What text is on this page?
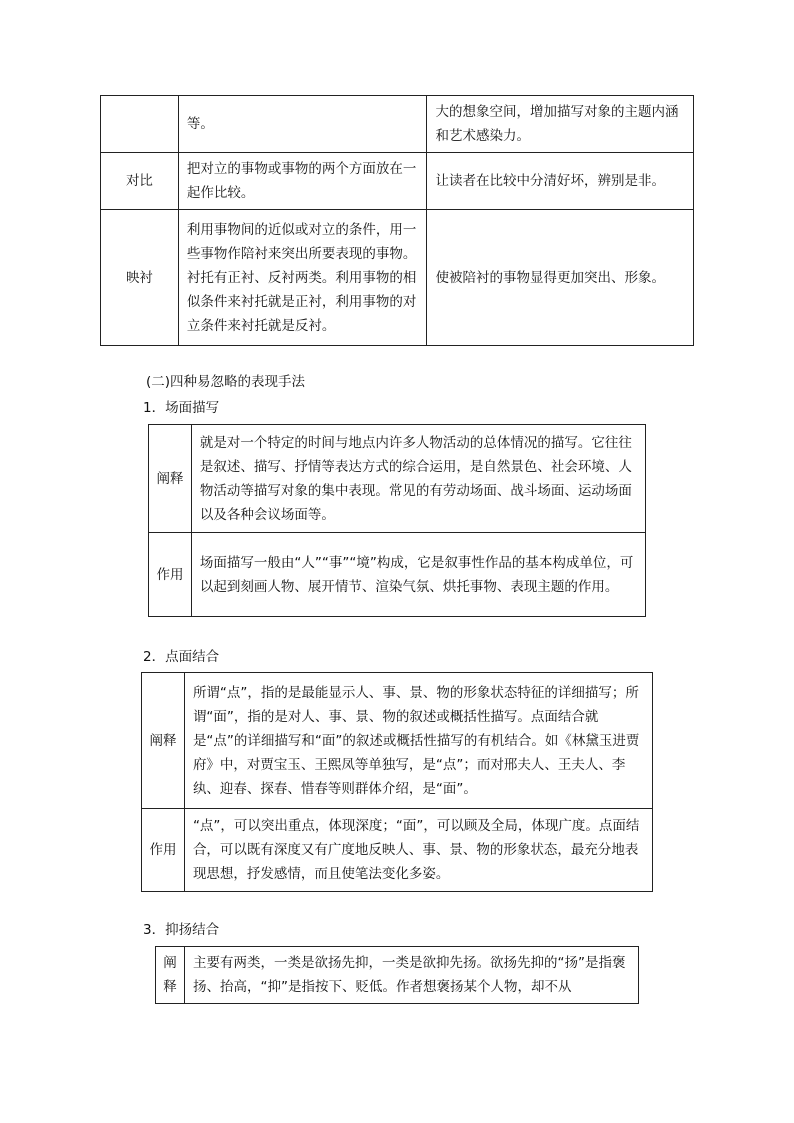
	等。	大的想象空间，增加描写对象的主题内涵和艺术感染力。
对比	把对立的事物或事物的两个方面放在一起作比较。	让读者在比较中分清好坏，辨别是非。
映衬	利用事物间的近似或对立的条件，用一些事物作陪衬来突出所要表现的事物。衬托有正衬、反衬两类。利用事物的相似条件来衬托就是正衬，利用事物的对立条件来衬托就是反衬。	使被陪衬的事物显得更加突出、形象。
(二)四种易忽略的表现手法
1．场面描写
阐释	就是对一个特定的时间与地点内许多人物活动的总体情况的描写。它往往是叙述、描写、抒情等表达方式的综合运用，是自然景色、社会环境、人物活动等描写对象的集中表现。常见的有劳动场面、战斗场面、运动场面以及各种会议场面等。
作用	场面描写一般由“人”“事”“境”构成，它是叙事性作品的基本构成单位，可以起到刻画人物、展开情节、渲染气氛、烘托事物、表现主题的作用。
2．点面结合
阐释	所谓“点”，指的是最能显示人、事、景、物的形象状态特征的详细描写；所谓“面”，指的是对人、事、景、物的叙述或概括性描写。点面结合就是“点”的详细描写和“面”的叙述或概括性描写的有机结合。如《林黛玉进贾府》中，对贾宝玉、王熙凤等单独写，是“点”；而对邢夫人、王夫人、李纨、迎春、探春、惜春等则群体介绍，是“面”。
作用	“点”，可以突出重点，体现深度；“面”，可以顾及全局，体现广度。点面结合，可以既有深度又有广度地反映人、事、景、物的形象状态，最充分地表现思想，抒发感情，而且使笔法变化多姿。
3．抑扬结合
阐释	主要有两类，一类是欲扬先抑，一类是欲抑先扬。欲扬先抑的“扬”是指褒扬、抬高，“抑”是指按下、贬低。作者想褒扬某个人物，却不从
